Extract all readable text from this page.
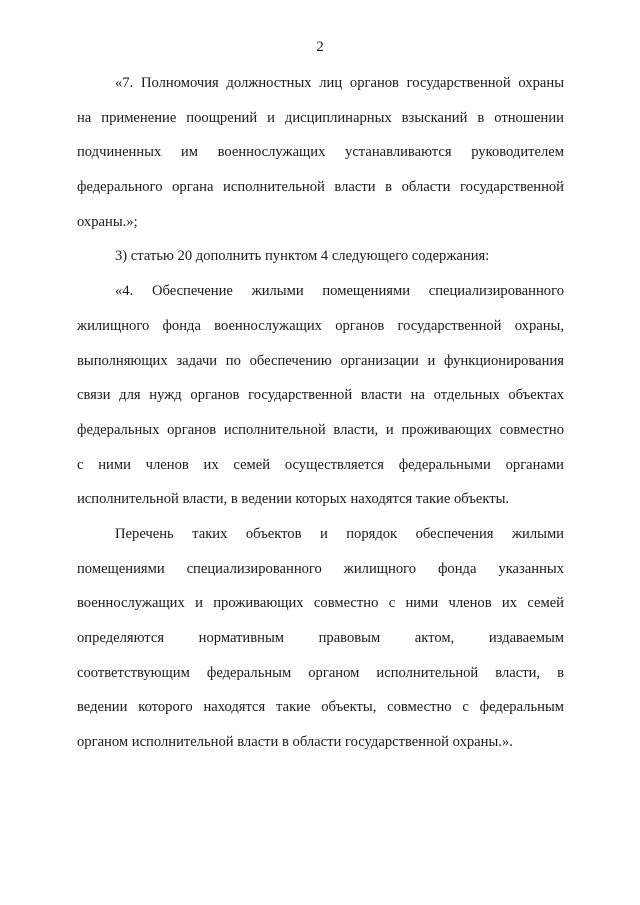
2
«7. Полномочия должностных лиц органов государственной охраны
на применение поощрений и дисциплинарных взысканий в отношении
подчиненных им военнослужащих устанавливаются руководителем
федерального органа исполнительной власти в области государственной
охраны.»;
3) статью 20 дополнить пунктом 4 следующего содержания:
«4. Обеспечение жилыми помещениями специализированного
жилищного фонда военнослужащих органов государственной охраны,
выполняющих задачи по обеспечению организации и функционирования
связи для нужд органов государственной власти на отдельных объектах
федеральных органов исполнительной власти, и проживающих совместно
с ними членов их семей осуществляется федеральными органами
исполнительной власти, в ведении которых находятся такие объекты.
Перечень таких объектов и порядок обеспечения жилыми
помещениями специализированного жилищного фонда указанных
военнослужащих и проживающих совместно с ними членов их семей
определяются нормативным правовым актом, издаваемым
соответствующим федеральным органом исполнительной власти, в
ведении которого находятся такие объекты, совместно с федеральным
органом исполнительной власти в области государственной охраны.».
